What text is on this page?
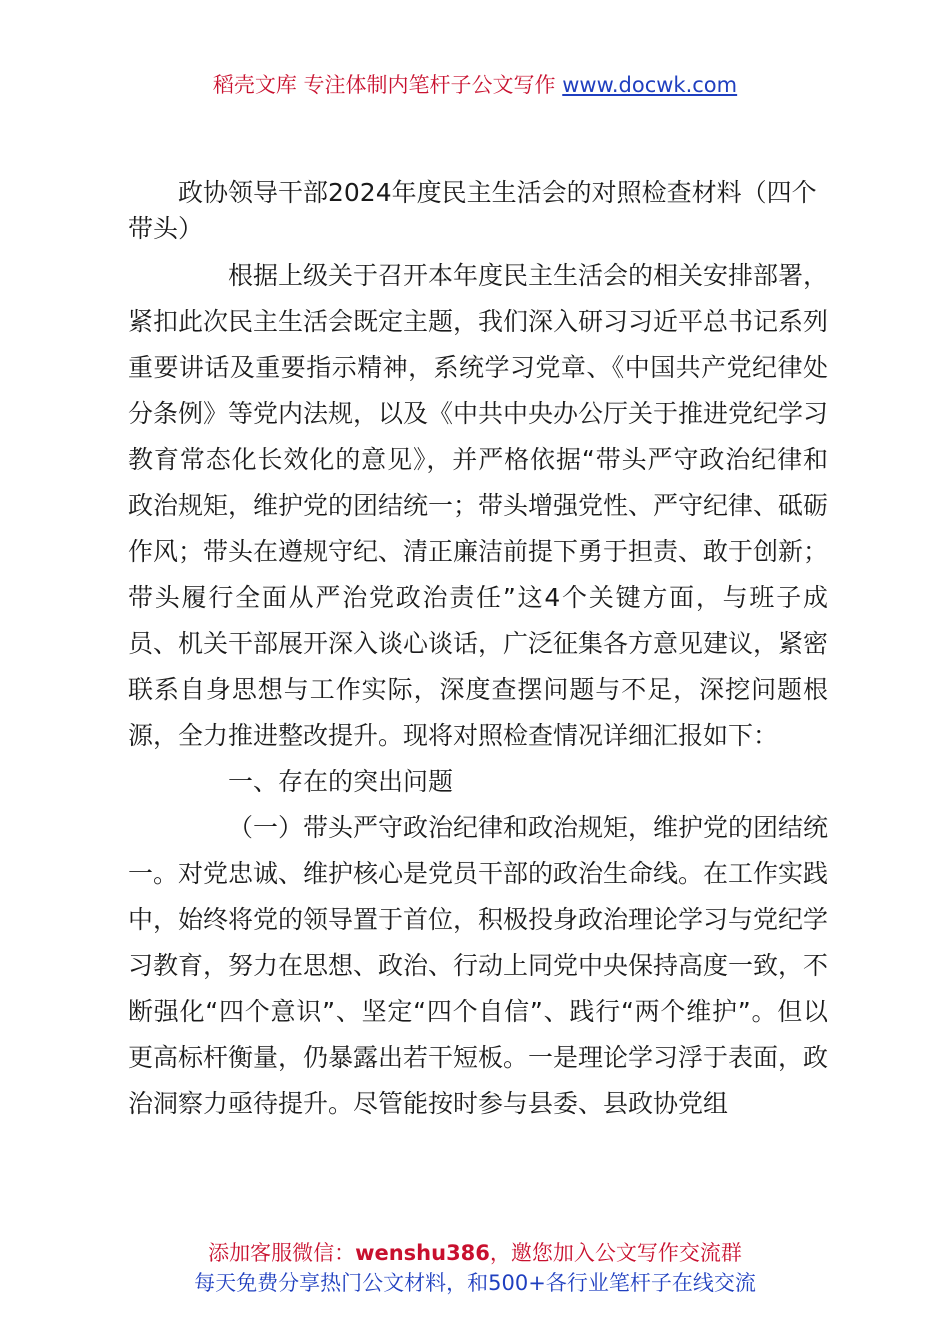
稻壳文库 专注体制内笔杆子公文写作 www.docwk.com
政协领导干部2024年度民主生活会的对照检查材料（四个带头）

根据上级关于召开本年度民主生活会的相关安排部署，紧扣此次民主生活会既定主题，我们深入研习习近平总书记系列重要讲话及重要指示精神，系统学习党章、《中国共产党纪律处分条例》等党内法规，以及《中共中央办公厅关于推进党纪学习教育常态化长效化的意见》，并严格依据“带头严守政治纪律和政治规矩，维护党的团结统一；带头增强党性、严守纪律、砥砺作风；带头在遵规守纪、清正廉洁前提下勇于担责、敢于创新；带头履行全面从严治党政治责任”这4个关键方面，与班子成员、机关干部展开深入谈心谈话，广泛征集各方意见建议，紧密联系自身思想与工作实际，深度查摆问题与不足，深挖问题根源，全力推进整改提升。现将对照检查情况详细汇报如下：

一、存在的突出问题

（一）带头严守政治纪律和政治规矩，维护党的团结统一。对党忠诚、维护核心是党员干部的政治生命线。在工作实践中，始终将党的领导置于首位，积极投身政治理论学习与党纪学习教育，努力在思想、政治、行动上同党中央保持高度一致，不断强化“四个意识”、坚定“四个自信”、践行“两个维护”。但以更高标杆衡量，仍暴露出若干短板。一是理论学习浮于表面，政治洞察力亟待提升。尽管能按时参与县委、县政协党组

添加客服微信：wenshu386，邀您加入公文写作交流群
每天免费分享热门公文材料，和500+各行业笔杆子在线交流
